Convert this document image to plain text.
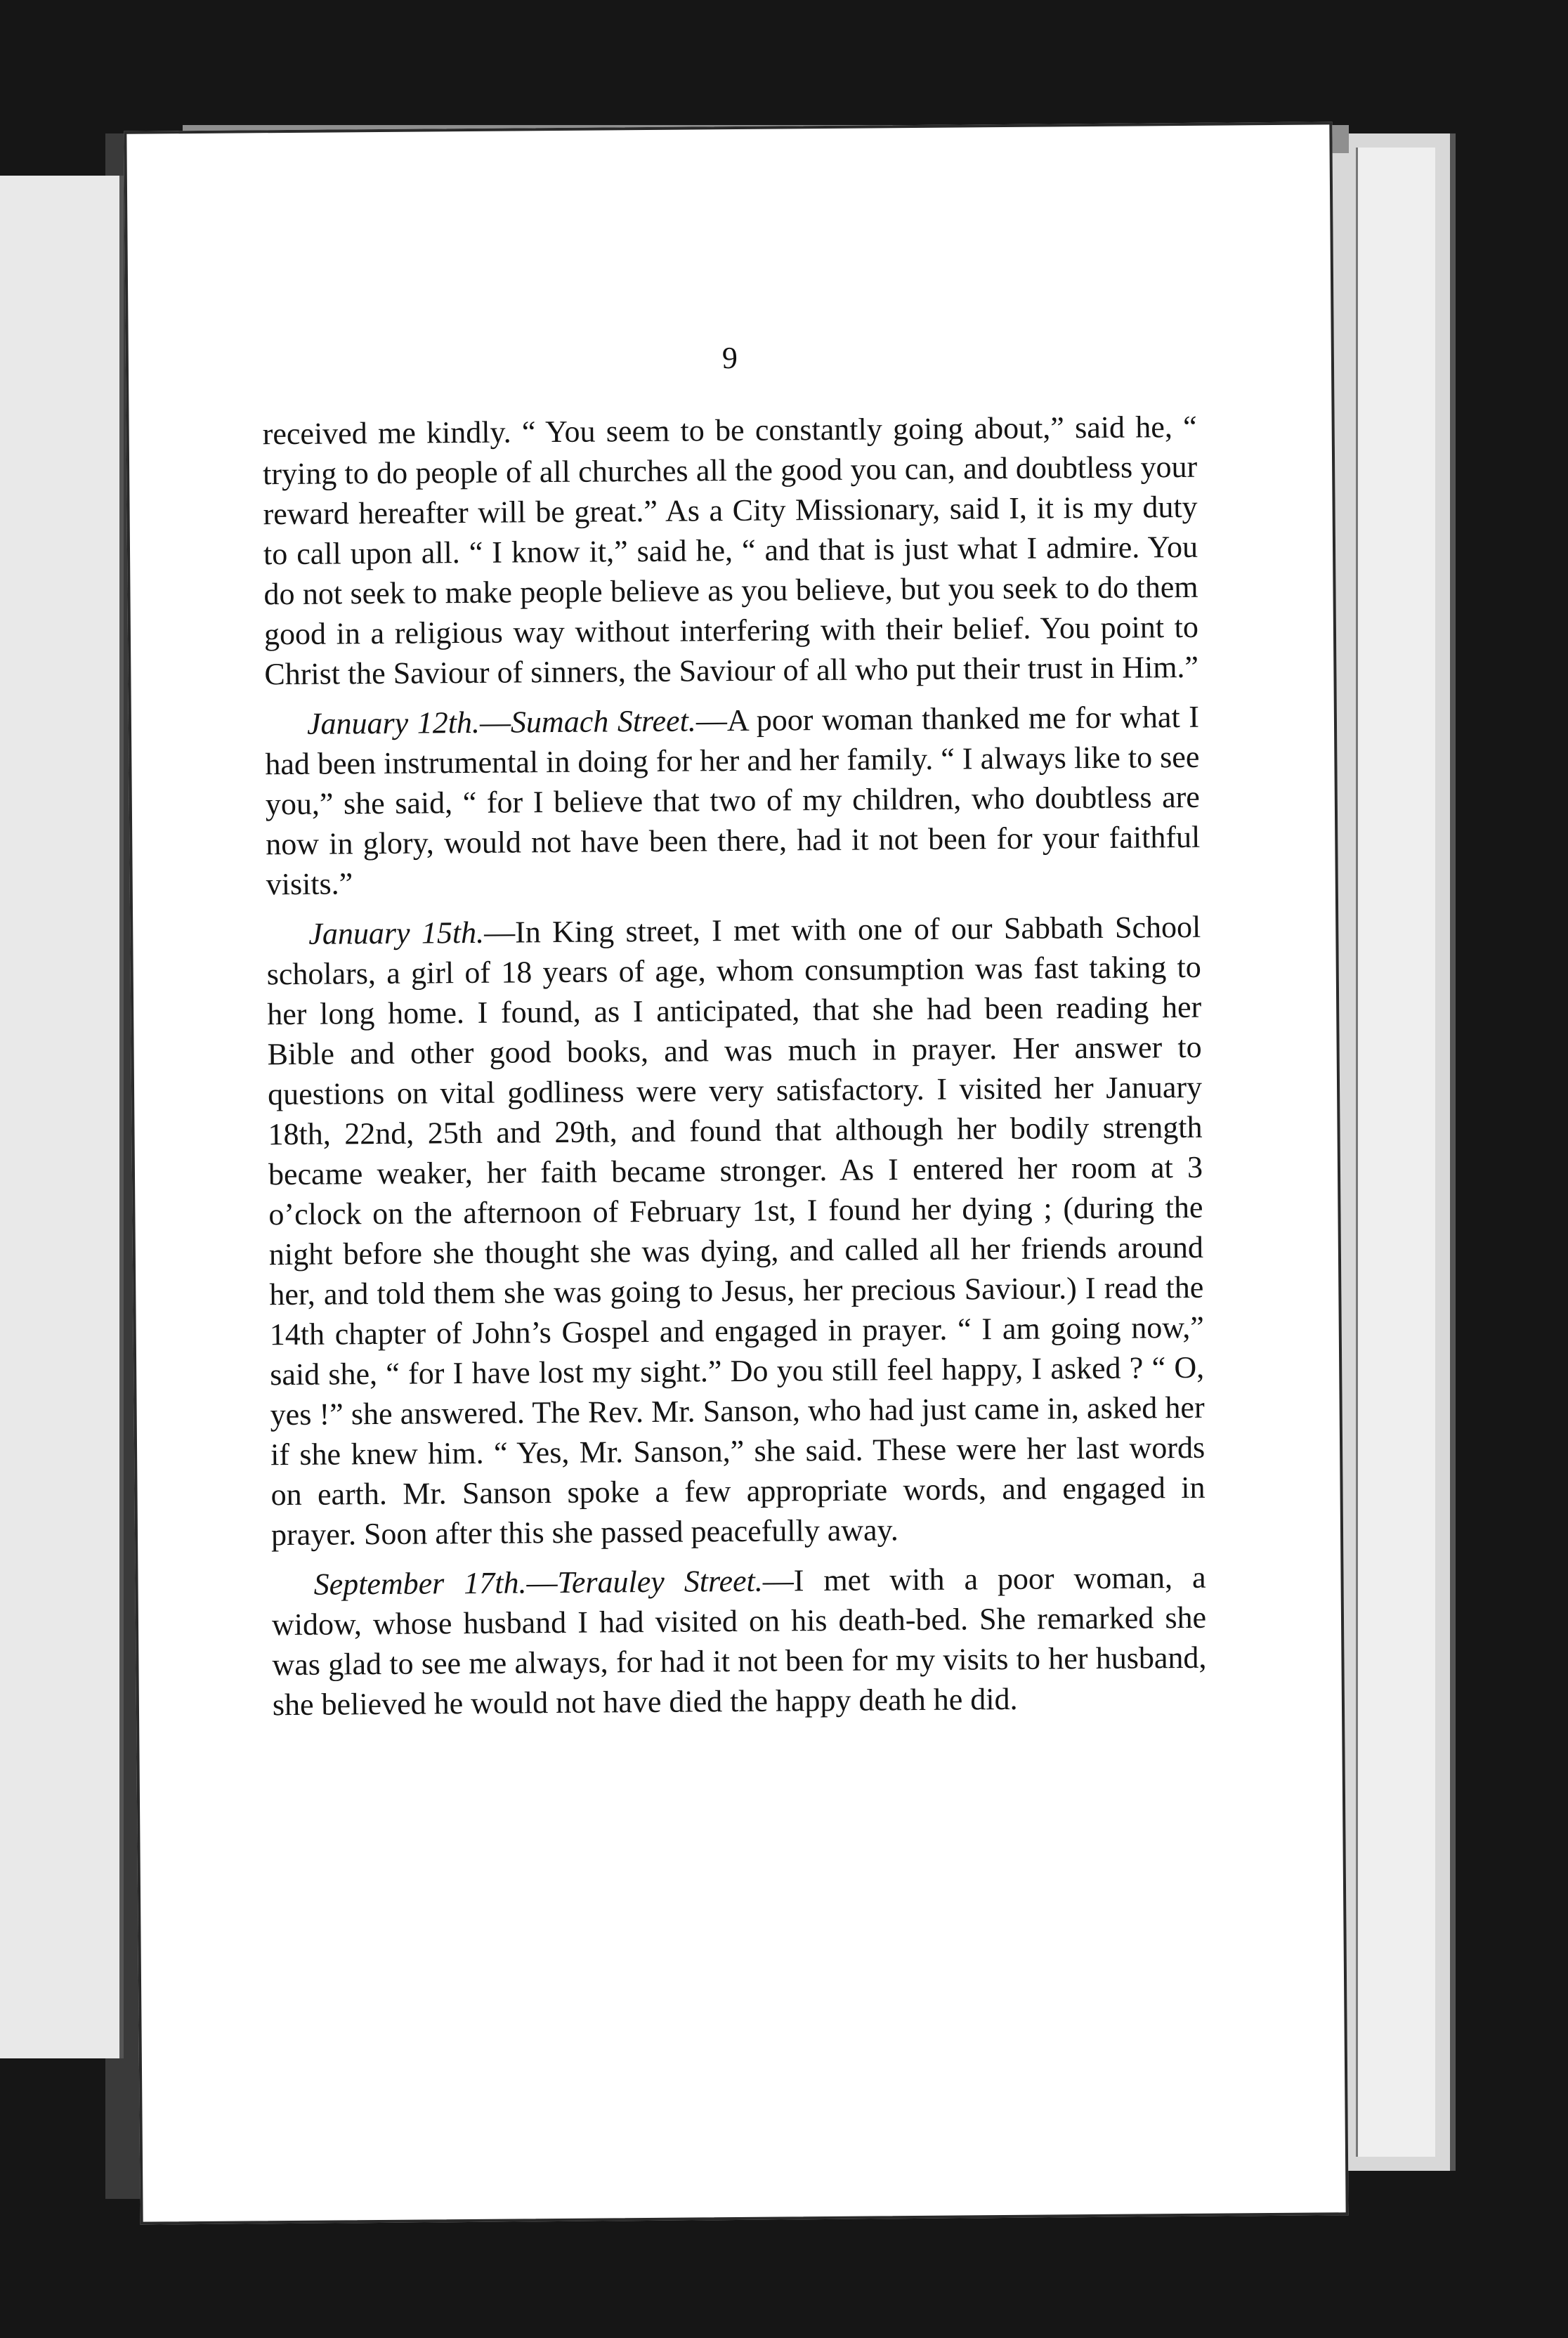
9

received me kindly. “ You seem to be constantly going about,” said he, “ trying to do people of all churches all the good you can, and doubtless your reward hereafter will be great.” As a City Missionary, said I, it is my duty to call upon all. “ I know it,” said he, “ and that is just what I admire. You do not seek to make people believe as you believe, but you seek to do them good in a religious way without interfering with their belief. You point to Christ the Saviour of sinners, the Saviour of all who put their trust in Him.”

January 12th.—Sumach Street.—A poor woman thanked me for what I had been instrumental in doing for her and her family. “ I always like to see you,” she said, “ for I believe that two of my children, who doubtless are now in glory, would not have been there, had it not been for your faithful visits.”

January 15th.—In King street, I met with one of our Sabbath School scholars, a girl of 18 years of age, whom consumption was fast taking to her long home. I found, as I anticipated, that she had been reading her Bible and other good books, and was much in prayer. Her answer to questions on vital godliness were very satisfactory. I visited her January 18th, 22nd, 25th and 29th, and found that although her bodily strength became weaker, her faith became stronger. As I entered her room at 3 o’clock on the afternoon of February 1st, I found her dying ; (during the night before she thought she was dying, and called all her friends around her, and told them she was going to Jesus, her precious Saviour.) I read the 14th chapter of John’s Gospel and engaged in prayer. “ I am going now,” said she, “ for I have lost my sight.” Do you still feel happy, I asked ? “ O, yes !” she answered. The Rev. Mr. Sanson, who had just came in, asked her if she knew him. “ Yes, Mr. Sanson,” she said. These were her last words on earth. Mr. Sanson spoke a few appropriate words, and engaged in prayer. Soon after this she passed peacefully away.

September 17th.—Terauley Street.—I met with a poor woman, a widow, whose husband I had visited on his death-bed. She remarked she was glad to see me always, for had it not been for my visits to her husband, she believed he would not have died the happy death he did.
